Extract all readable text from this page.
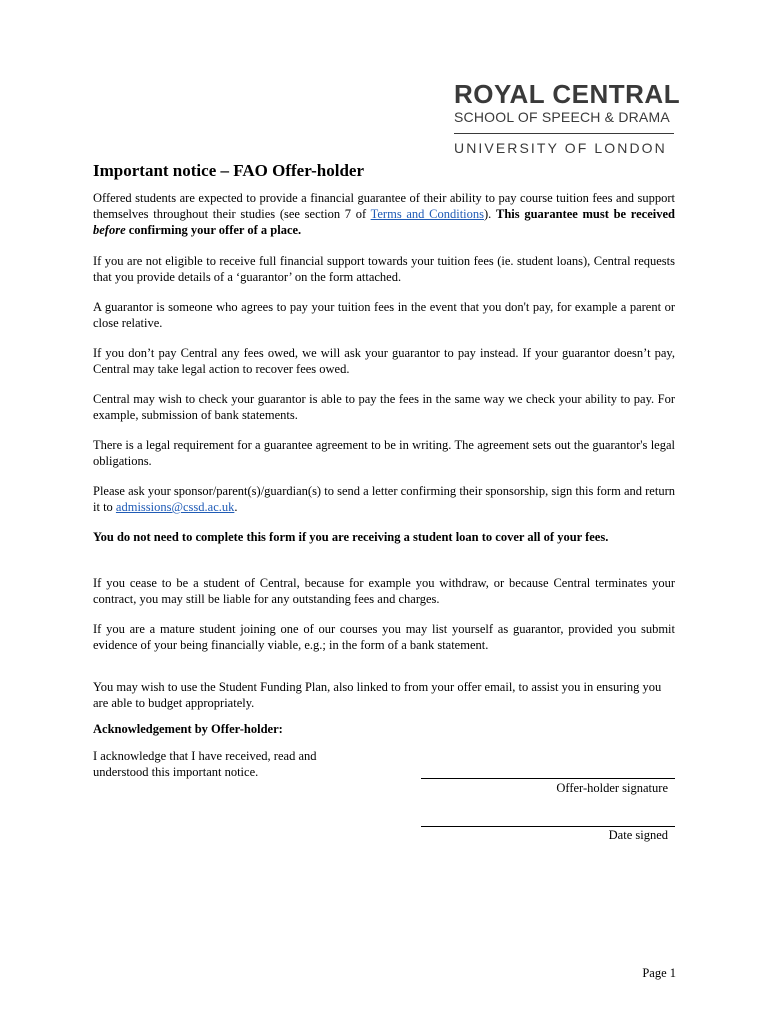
ROYAL CENTRAL
SCHOOL OF SPEECH & DRAMA
UNIVERSITY OF LONDON
Important notice – FAO Offer-holder
Offered students are expected to provide a financial guarantee of their ability to pay course tuition fees and support themselves throughout their studies (see section 7 of Terms and Conditions). This guarantee must be received before confirming your offer of a place.
If you are not eligible to receive full financial support towards your tuition fees (ie. student loans), Central requests that you provide details of a ‘guarantor’ on the form attached.
A guarantor is someone who agrees to pay your tuition fees in the event that you don't pay, for example a parent or close relative.
If you don’t pay Central any fees owed, we will ask your guarantor to pay instead. If your guarantor doesn’t pay, Central may take legal action to recover fees owed.
Central may wish to check your guarantor is able to pay the fees in the same way we check your ability to pay. For example, submission of bank statements.
There is a legal requirement for a guarantee agreement to be in writing. The agreement sets out the guarantor's legal obligations.
Please ask your sponsor/parent(s)/guardian(s) to send a letter confirming their sponsorship, sign this form and return it to admissions@cssd.ac.uk.
You do not need to complete this form if you are receiving a student loan to cover all of your fees.
If you cease to be a student of Central, because for example you withdraw, or because Central terminates your contract, you may still be liable for any outstanding fees and charges.
If you are a mature student joining one of our courses you may list yourself as guarantor, provided you submit evidence of your being financially viable, e.g.; in the form of a bank statement.
You may wish to use the Student Funding Plan, also linked to from your offer email, to assist you in ensuring you are able to budget appropriately.
Acknowledgement by Offer-holder:
I acknowledge that I have received, read and understood this important notice.
Offer-holder signature
Date signed
Page 1
